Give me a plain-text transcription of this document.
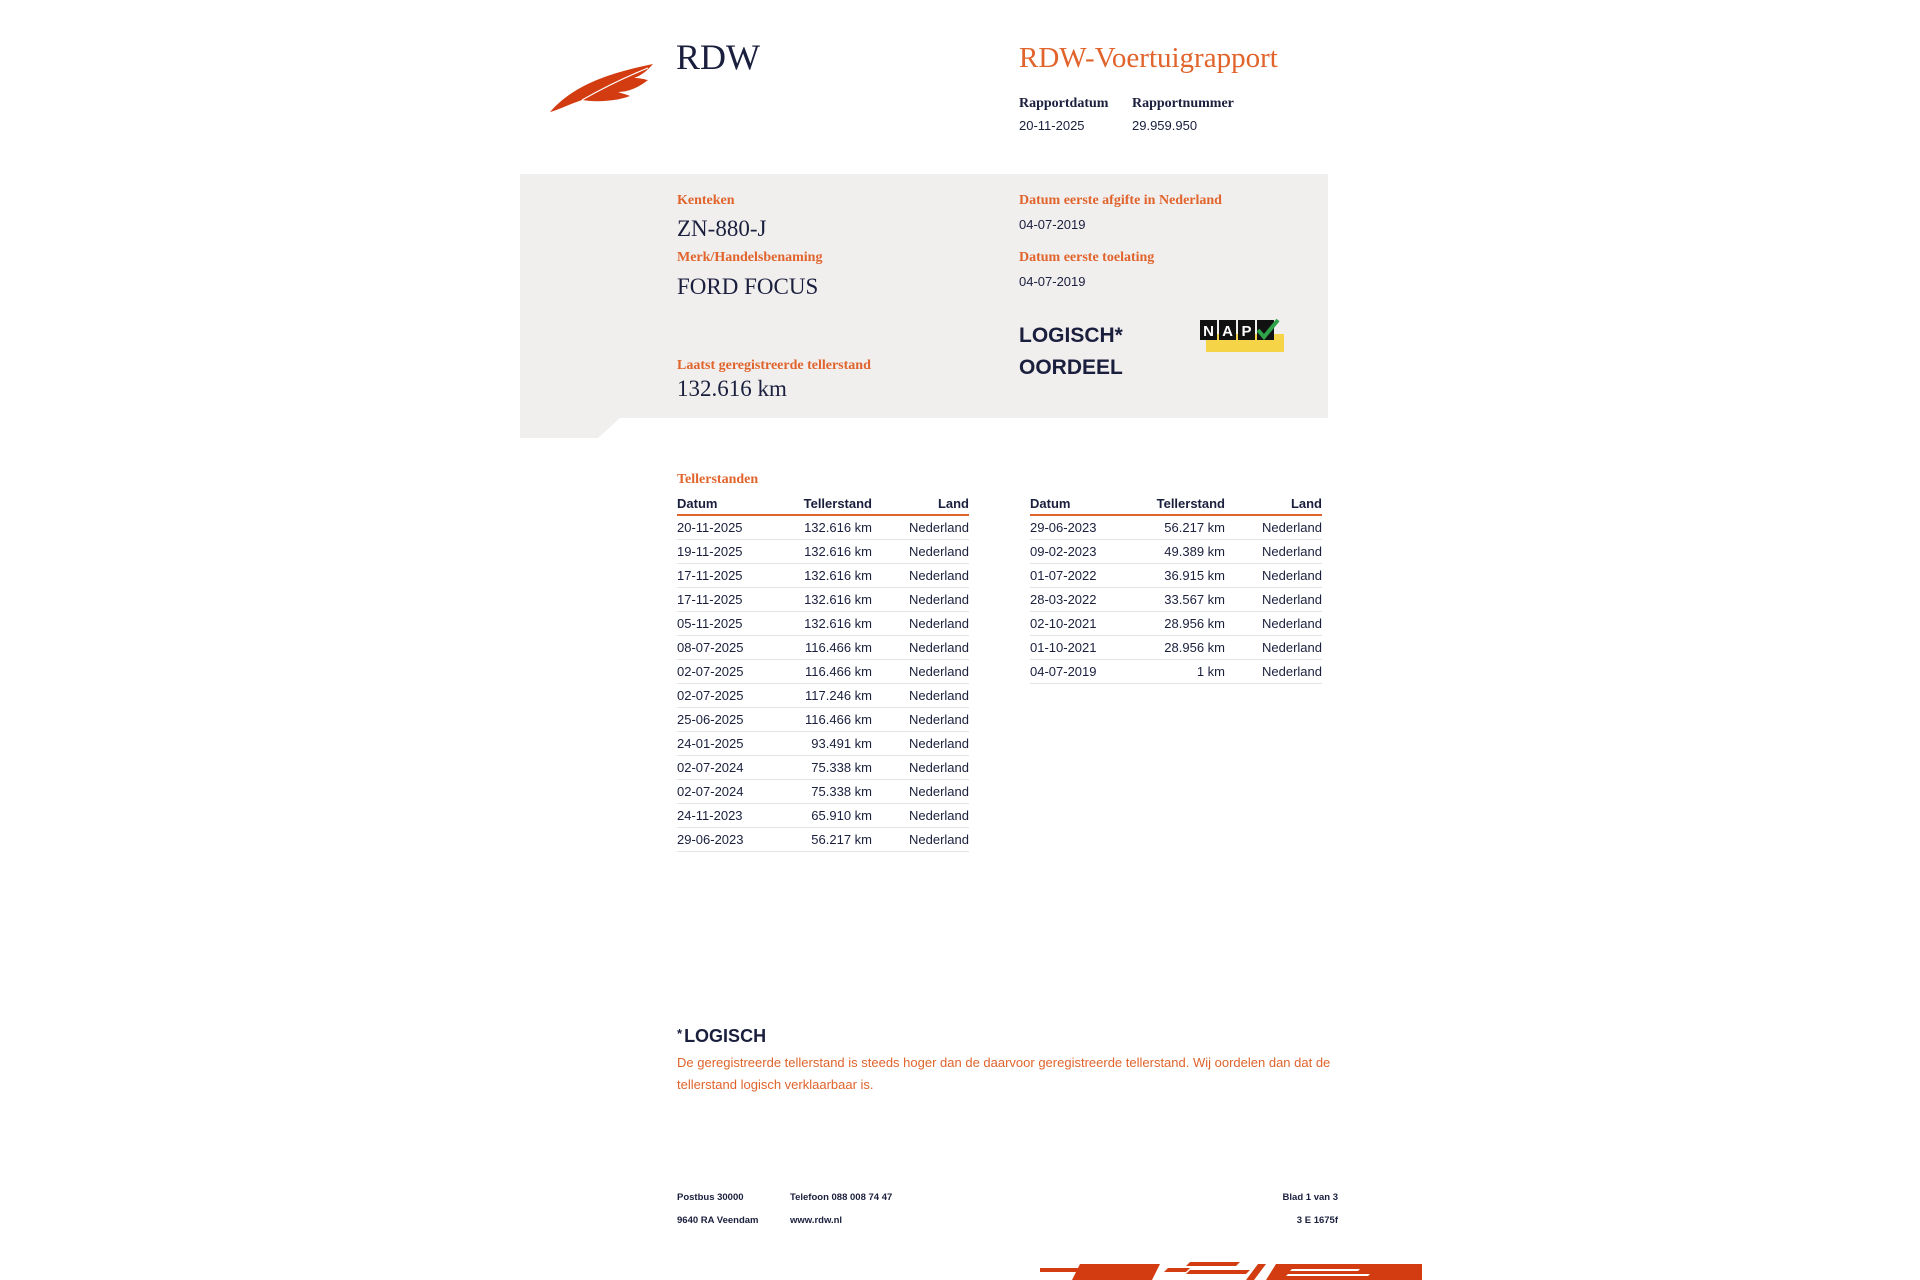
RDW	RDW-Voertuigrapport
Rapportdatum
20-11-2025
Rapportnummer
29.959.950
Kenteken
ZN-880-J
Merk/Handelsbenaming
FORD FOCUS
Laatst geregistreerde tellerstand
132.616 km
Datum eerste afgifte in Nederland
04-07-2019
Datum eerste toelating
04-07-2019
LOGISCH*
OORDEEL
N A P
Tellerstanden
Datum	Tellerstand	Land
20-11-2025	132.616 km	Nederland
19-11-2025	132.616 km	Nederland
17-11-2025	132.616 km	Nederland
17-11-2025	132.616 km	Nederland
05-11-2025	132.616 km	Nederland
08-07-2025	116.466 km	Nederland
02-07-2025	116.466 km	Nederland
02-07-2025	117.246 km	Nederland
25-06-2025	116.466 km	Nederland
24-01-2025	93.491 km	Nederland
02-07-2024	75.338 km	Nederland
02-07-2024	75.338 km	Nederland
24-11-2023	65.910 km	Nederland
29-06-2023	56.217 km	Nederland
Datum	Tellerstand	Land
29-06-2023	56.217 km	Nederland
09-02-2023	49.389 km	Nederland
01-07-2022	36.915 km	Nederland
28-03-2022	33.567 km	Nederland
02-10-2021	28.956 km	Nederland
01-10-2021	28.956 km	Nederland
04-07-2019	1 km	Nederland
* LOGISCH
De geregistreerde tellerstand is steeds hoger dan de daarvoor geregistreerde tellerstand. Wij oordelen dan dat de tellerstand logisch verklaarbaar is.
Postbus 30000
9640 RA Veendam
Telefoon 088 008 74 47
www.rdw.nl
Blad 1 van 3
3 E 1675f
